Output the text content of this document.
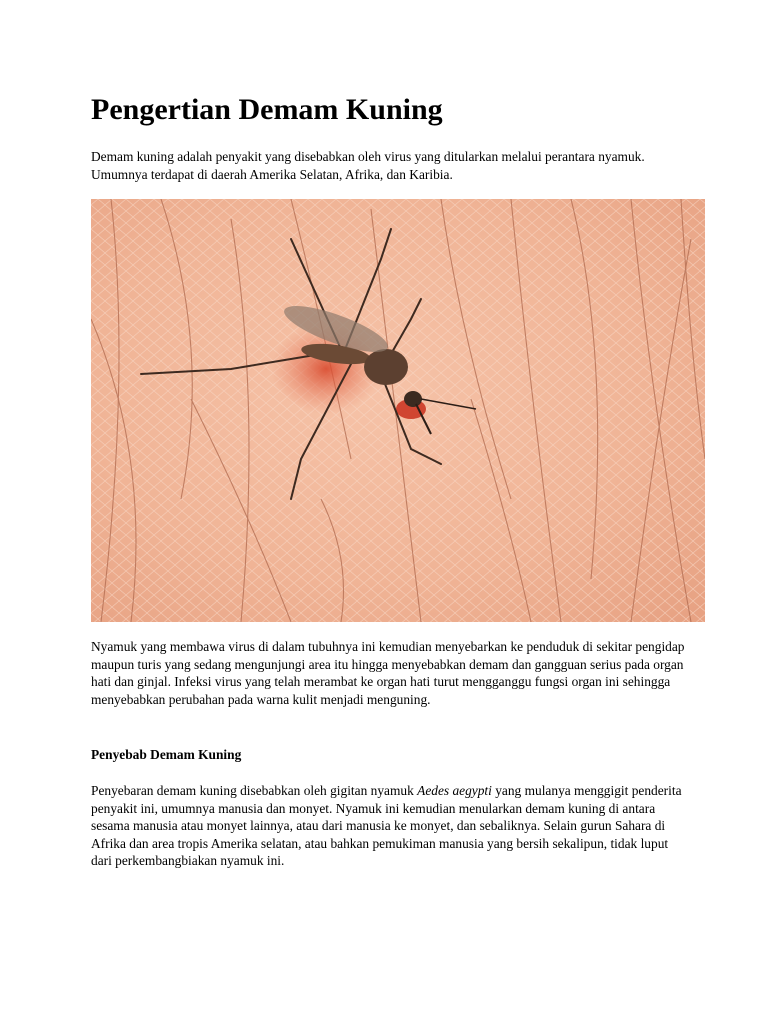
Pengertian Demam Kuning

Demam kuning adalah penyakit yang disebabkan oleh virus yang ditularkan melalui perantara nyamuk. Umumnya terdapat di daerah Amerika Selatan, Afrika, dan Karibia.

Nyamuk yang membawa virus di dalam tubuhnya ini kemudian menyebarkan ke penduduk di sekitar pengidap maupun turis yang sedang mengunjungi area itu hingga menyebabkan demam dan gangguan serius pada organ hati dan ginjal. Infeksi virus yang telah merambat ke organ hati turut mengganggu fungsi organ ini sehingga menyebabkan perubahan pada warna kulit menjadi menguning.

Penyebab Demam Kuning

Penyebaran demam kuning disebabkan oleh gigitan nyamuk Aedes aegypti yang mulanya menggigit penderita penyakit ini, umumnya manusia dan monyet. Nyamuk ini kemudian menularkan demam kuning di antara sesama manusia atau monyet lainnya, atau dari manusia ke monyet, dan sebaliknya. Selain gurun Sahara di Afrika dan area tropis Amerika selatan, atau bahkan pemukiman manusia yang bersih sekalipun, tidak luput dari perkembangbiakan nyamuk ini.
